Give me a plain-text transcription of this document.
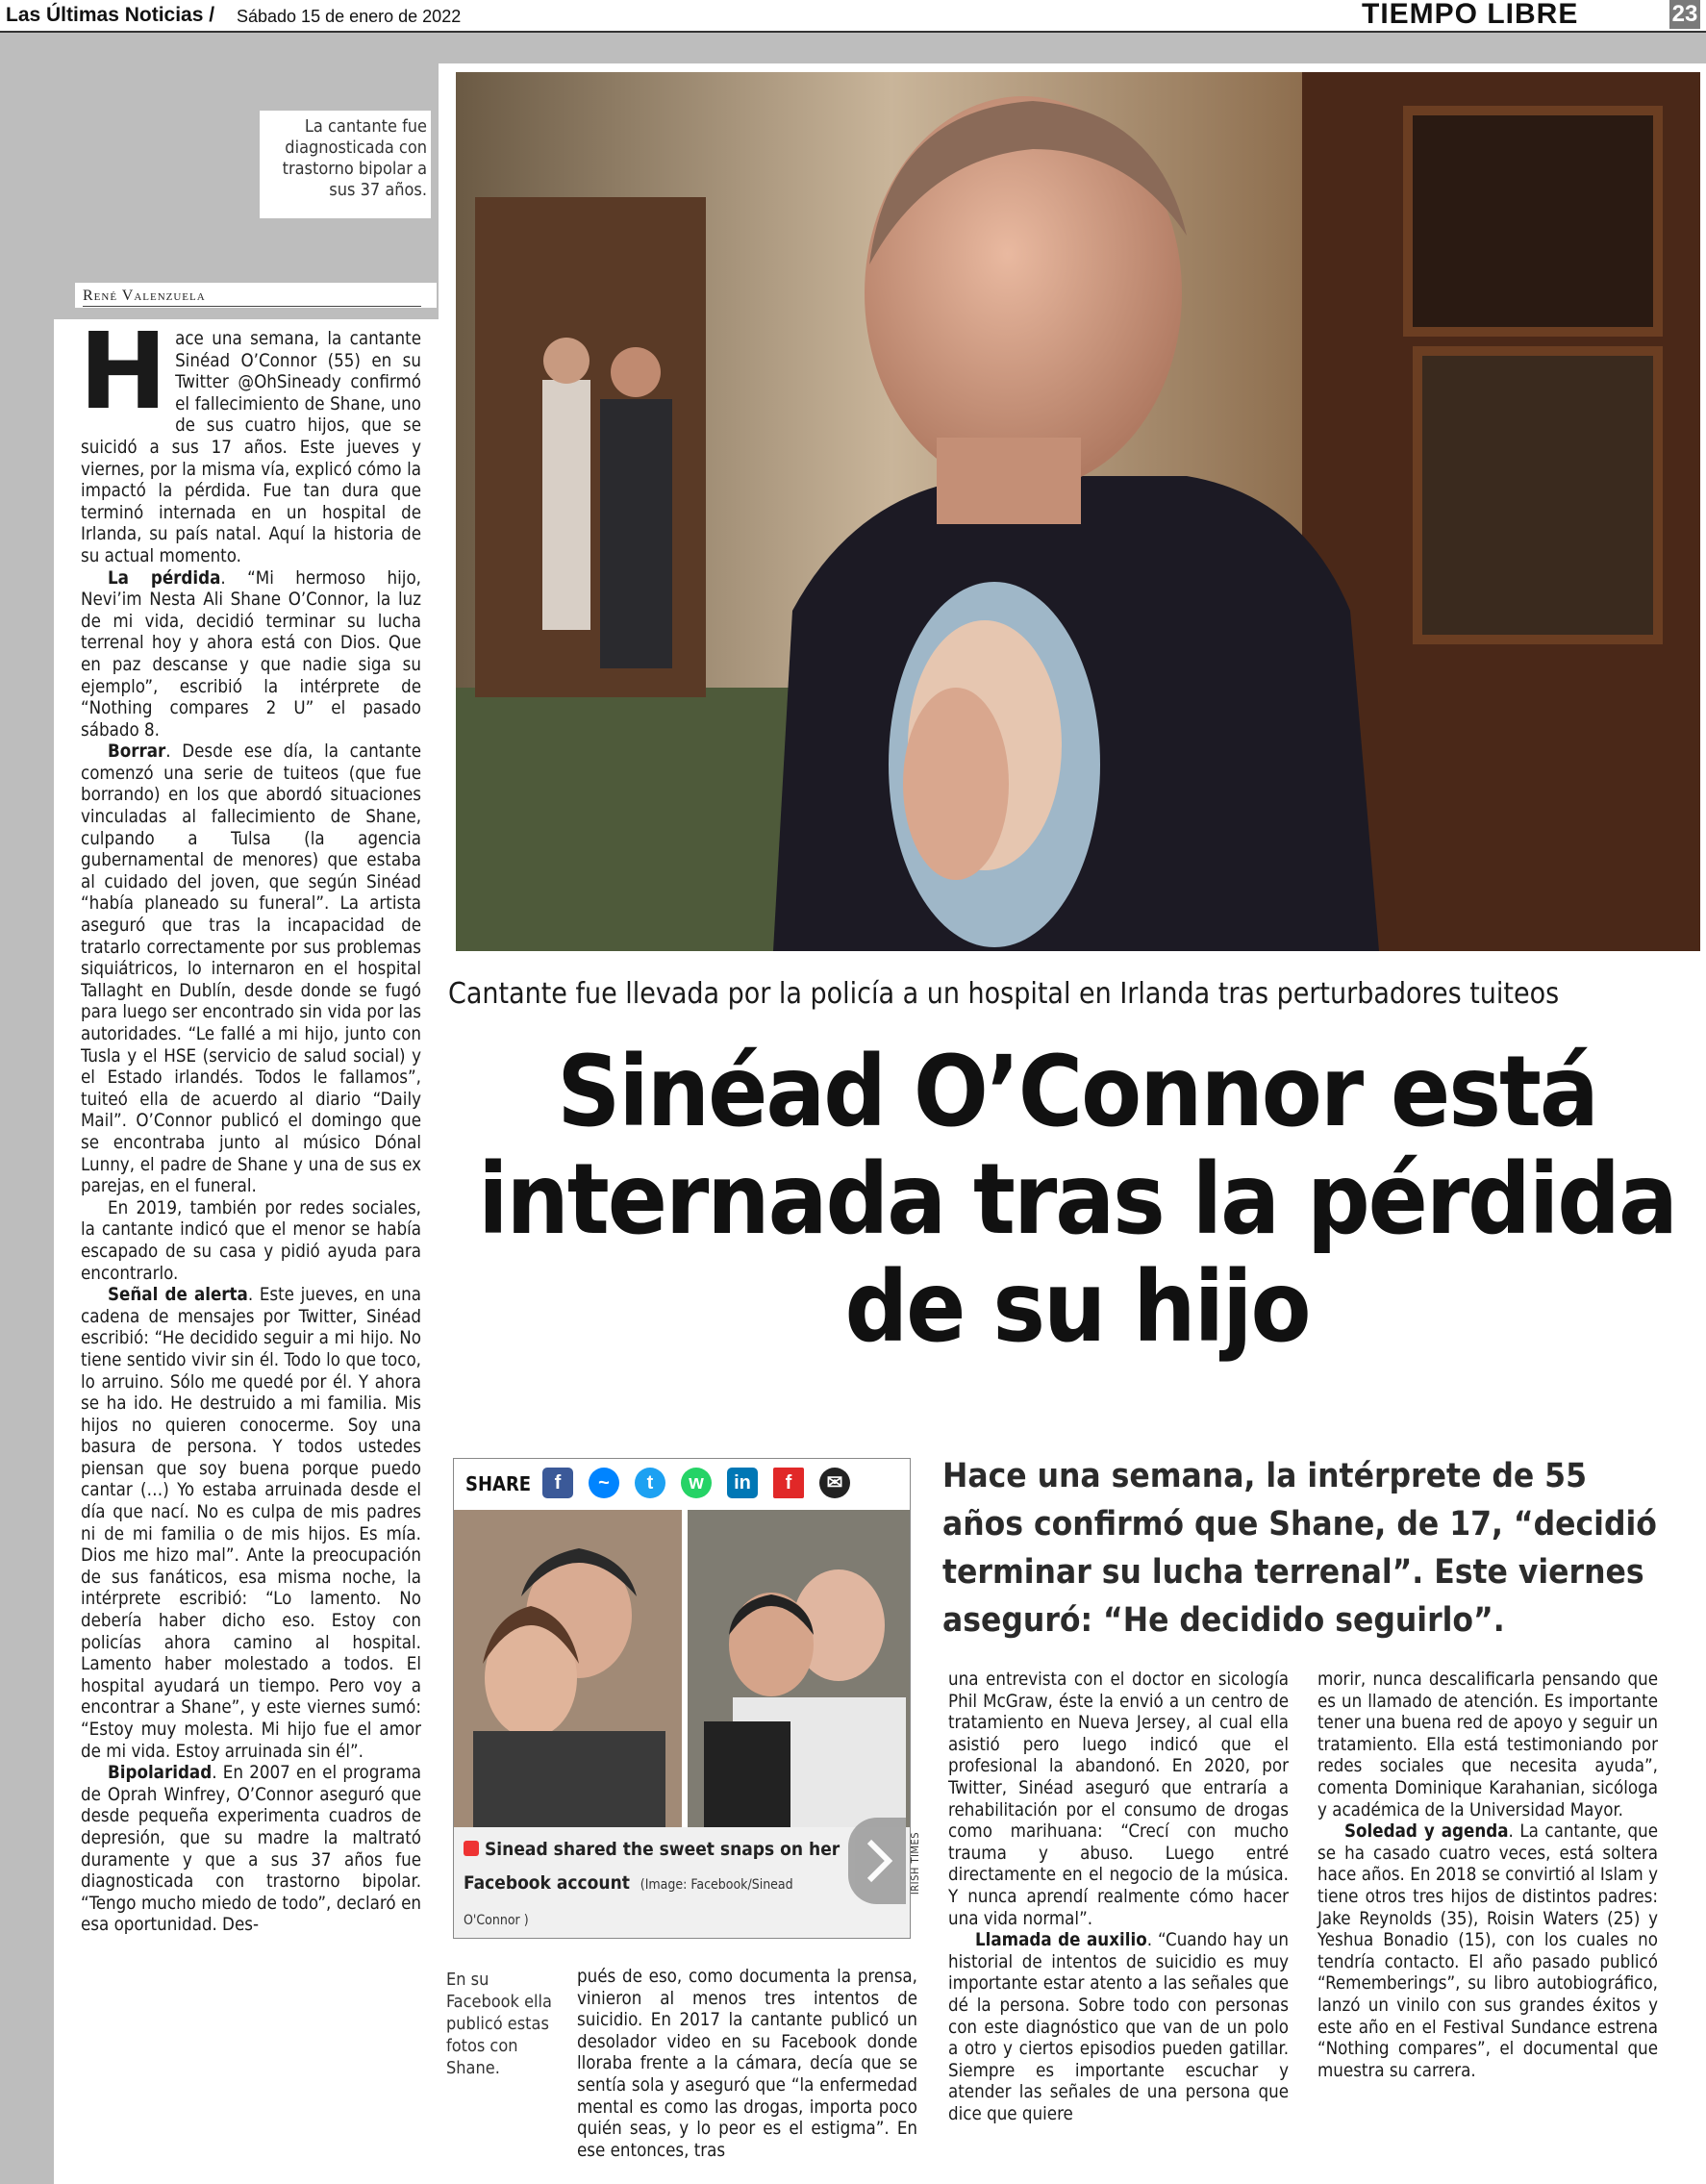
Las Últimas Noticias / Sábado 15 de enero de 2022	TIEMPO LIBRE	23
La cantante fue diagnosticada con trastorno bipolar a sus 37 años.
René Valenzuela

Hace una semana, la cantante Sinéad O’Connor (55) en su Twitter @OhSineady confirmó el fallecimiento de Shane, uno de sus cuatro hijos, que se suicidó a sus 17 años. Este jueves y viernes, por la misma vía, explicó cómo la impactó la pérdida. Fue tan dura que terminó internada en un hospital de Irlanda, su país natal. Aquí la historia de su actual momento.

La pérdida. “Mi hermoso hijo, Nevi’im Nesta Ali Shane O’Connor, la luz de mi vida, decidió terminar su lucha terrenal hoy y ahora está con Dios. Que en paz descanse y que nadie siga su ejemplo”, escribió la intérprete de “Nothing compares 2 U” el pasado sábado 8.

Borrar. Desde ese día, la cantante comenzó una serie de tuiteos (que fue borrando) en los que abordó situaciones vinculadas al fallecimiento de Shane, culpando a Tulsa (la agencia gubernamental de menores) que estaba al cuidado del joven, que según Sinéad “había planeado su funeral”. La artista aseguró que tras la incapacidad de tratarlo correctamente por sus problemas siquiátricos, lo internaron en el hospital Tallaght en Dublín, desde donde se fugó para luego ser encontrado sin vida por las autoridades. “Le fallé a mi hijo, junto con Tusla y el HSE (servicio de salud social) y el Estado irlandés. Todos le fallamos”, tuiteó ella de acuerdo al diario “Daily Mail”. O’Connor publicó el domingo que se encontraba junto al músico Dónal Lunny, el padre de Shane y una de sus ex parejas, en el funeral.

En 2019, también por redes sociales, la cantante indicó que el menor se había escapado de su casa y pidió ayuda para encontrarlo.

Señal de alerta. Este jueves, en una cadena de mensajes por Twitter, Sinéad escribió: “He decidido seguir a mi hijo. No tiene sentido vivir sin él. Todo lo que toco, lo arruino. Sólo me quedé por él. Y ahora se ha ido. He destruido a mi familia. Mis hijos no quieren conocerme. Soy una basura de persona. Y todos ustedes piensan que soy buena porque puedo cantar (…) Yo estaba arruinada desde el día que nací. No es culpa de mis padres ni de mi familia o de mis hijos. Es mía. Dios me hizo mal”. Ante la preocupación de sus fanáticos, esa misma noche, la intérprete escribió: “Lo lamento. No debería haber dicho eso. Estoy con policías ahora camino al hospital. Lamento haber molestado a todos. El hospital ayudará un tiempo. Pero voy a encontrar a Shane”, y este viernes sumó: “Estoy muy molesta. Mi hijo fue el amor de mi vida. Estoy arruinada sin él”.

Bipolaridad. En 2007 en el programa de Oprah Winfrey, O’Connor aseguró que desde pequeña experimenta cuadros de depresión, que su madre la maltrató duramente y que a sus 37 años fue diagnosticada con trastorno bipolar. “Tengo mucho miedo de todo”, declaró en esa oportunidad. Des-

Cantante fue llevada por la policía a un hospital en Irlanda tras perturbadores tuiteos
Sinéad O’Connor está
internada tras la pérdida
de su hijo
SHARE	f	~	t	w	in	f	✉
Sinead shared the sweet snaps on her
Facebook account (Image: Facebook/Sinead
O'Connor )
IRISH TIMES
Hace una semana, la intérprete de 55 años confirmó que Shane, de 17, “decidió terminar su lucha terrenal”. Este viernes aseguró: “He decidido seguirlo”.
En su Facebook ella publicó estas fotos con Shane.

pués de eso, como documenta la prensa, vinieron al menos tres intentos de suicidio. En 2017 la cantante publicó un desolador video en su Facebook donde lloraba frente a la cámara, decía que se sentía sola y aseguró que “la enfermedad mental es como las drogas, importa poco quién seas, y lo peor es el estigma”. En ese entonces, tras

una entrevista con el doctor en sicología Phil McGraw, éste la envió a un centro de tratamiento en Nueva Jersey, al cual ella asistió pero luego indicó que el profesional la abandonó. En 2020, por Twitter, Sinéad aseguró que entraría a rehabilitación por el consumo de drogas como marihuana: “Crecí con mucho trauma y abuso. Luego entré directamente en el negocio de la música. Y nunca aprendí realmente cómo hacer una vida normal”.

Llamada de auxilio. “Cuando hay un historial de intentos de suicidio es muy importante estar atento a las señales que dé la persona. Sobre todo con personas con este diagnóstico que van de un polo a otro y ciertos episodios pueden gatillar. Siempre es importante escuchar y atender las señales de una persona que dice que quiere

morir, nunca descalificarla pensando que es un llamado de atención. Es importante tener una buena red de apoyo y seguir un tratamiento. Ella está testimoniando por redes sociales que necesita ayuda”, comenta Dominique Karahanian, sicóloga y académica de la Universidad Mayor.

Soledad y agenda. La cantante, que se ha casado cuatro veces, está soltera hace años. En 2018 se convirtió al Islam y tiene otros tres hijos de distintos padres: Jake Reynolds (35), Roisin Waters (25) y Yeshua Bonadio (15), con los cuales no tendría contacto. El año pasado publicó “Rememberings”, su libro autobiográfico, lanzó un vinilo con sus grandes éxitos y este año en el Festival Sundance estrena “Nothing compares”, el documental que muestra su carrera.
